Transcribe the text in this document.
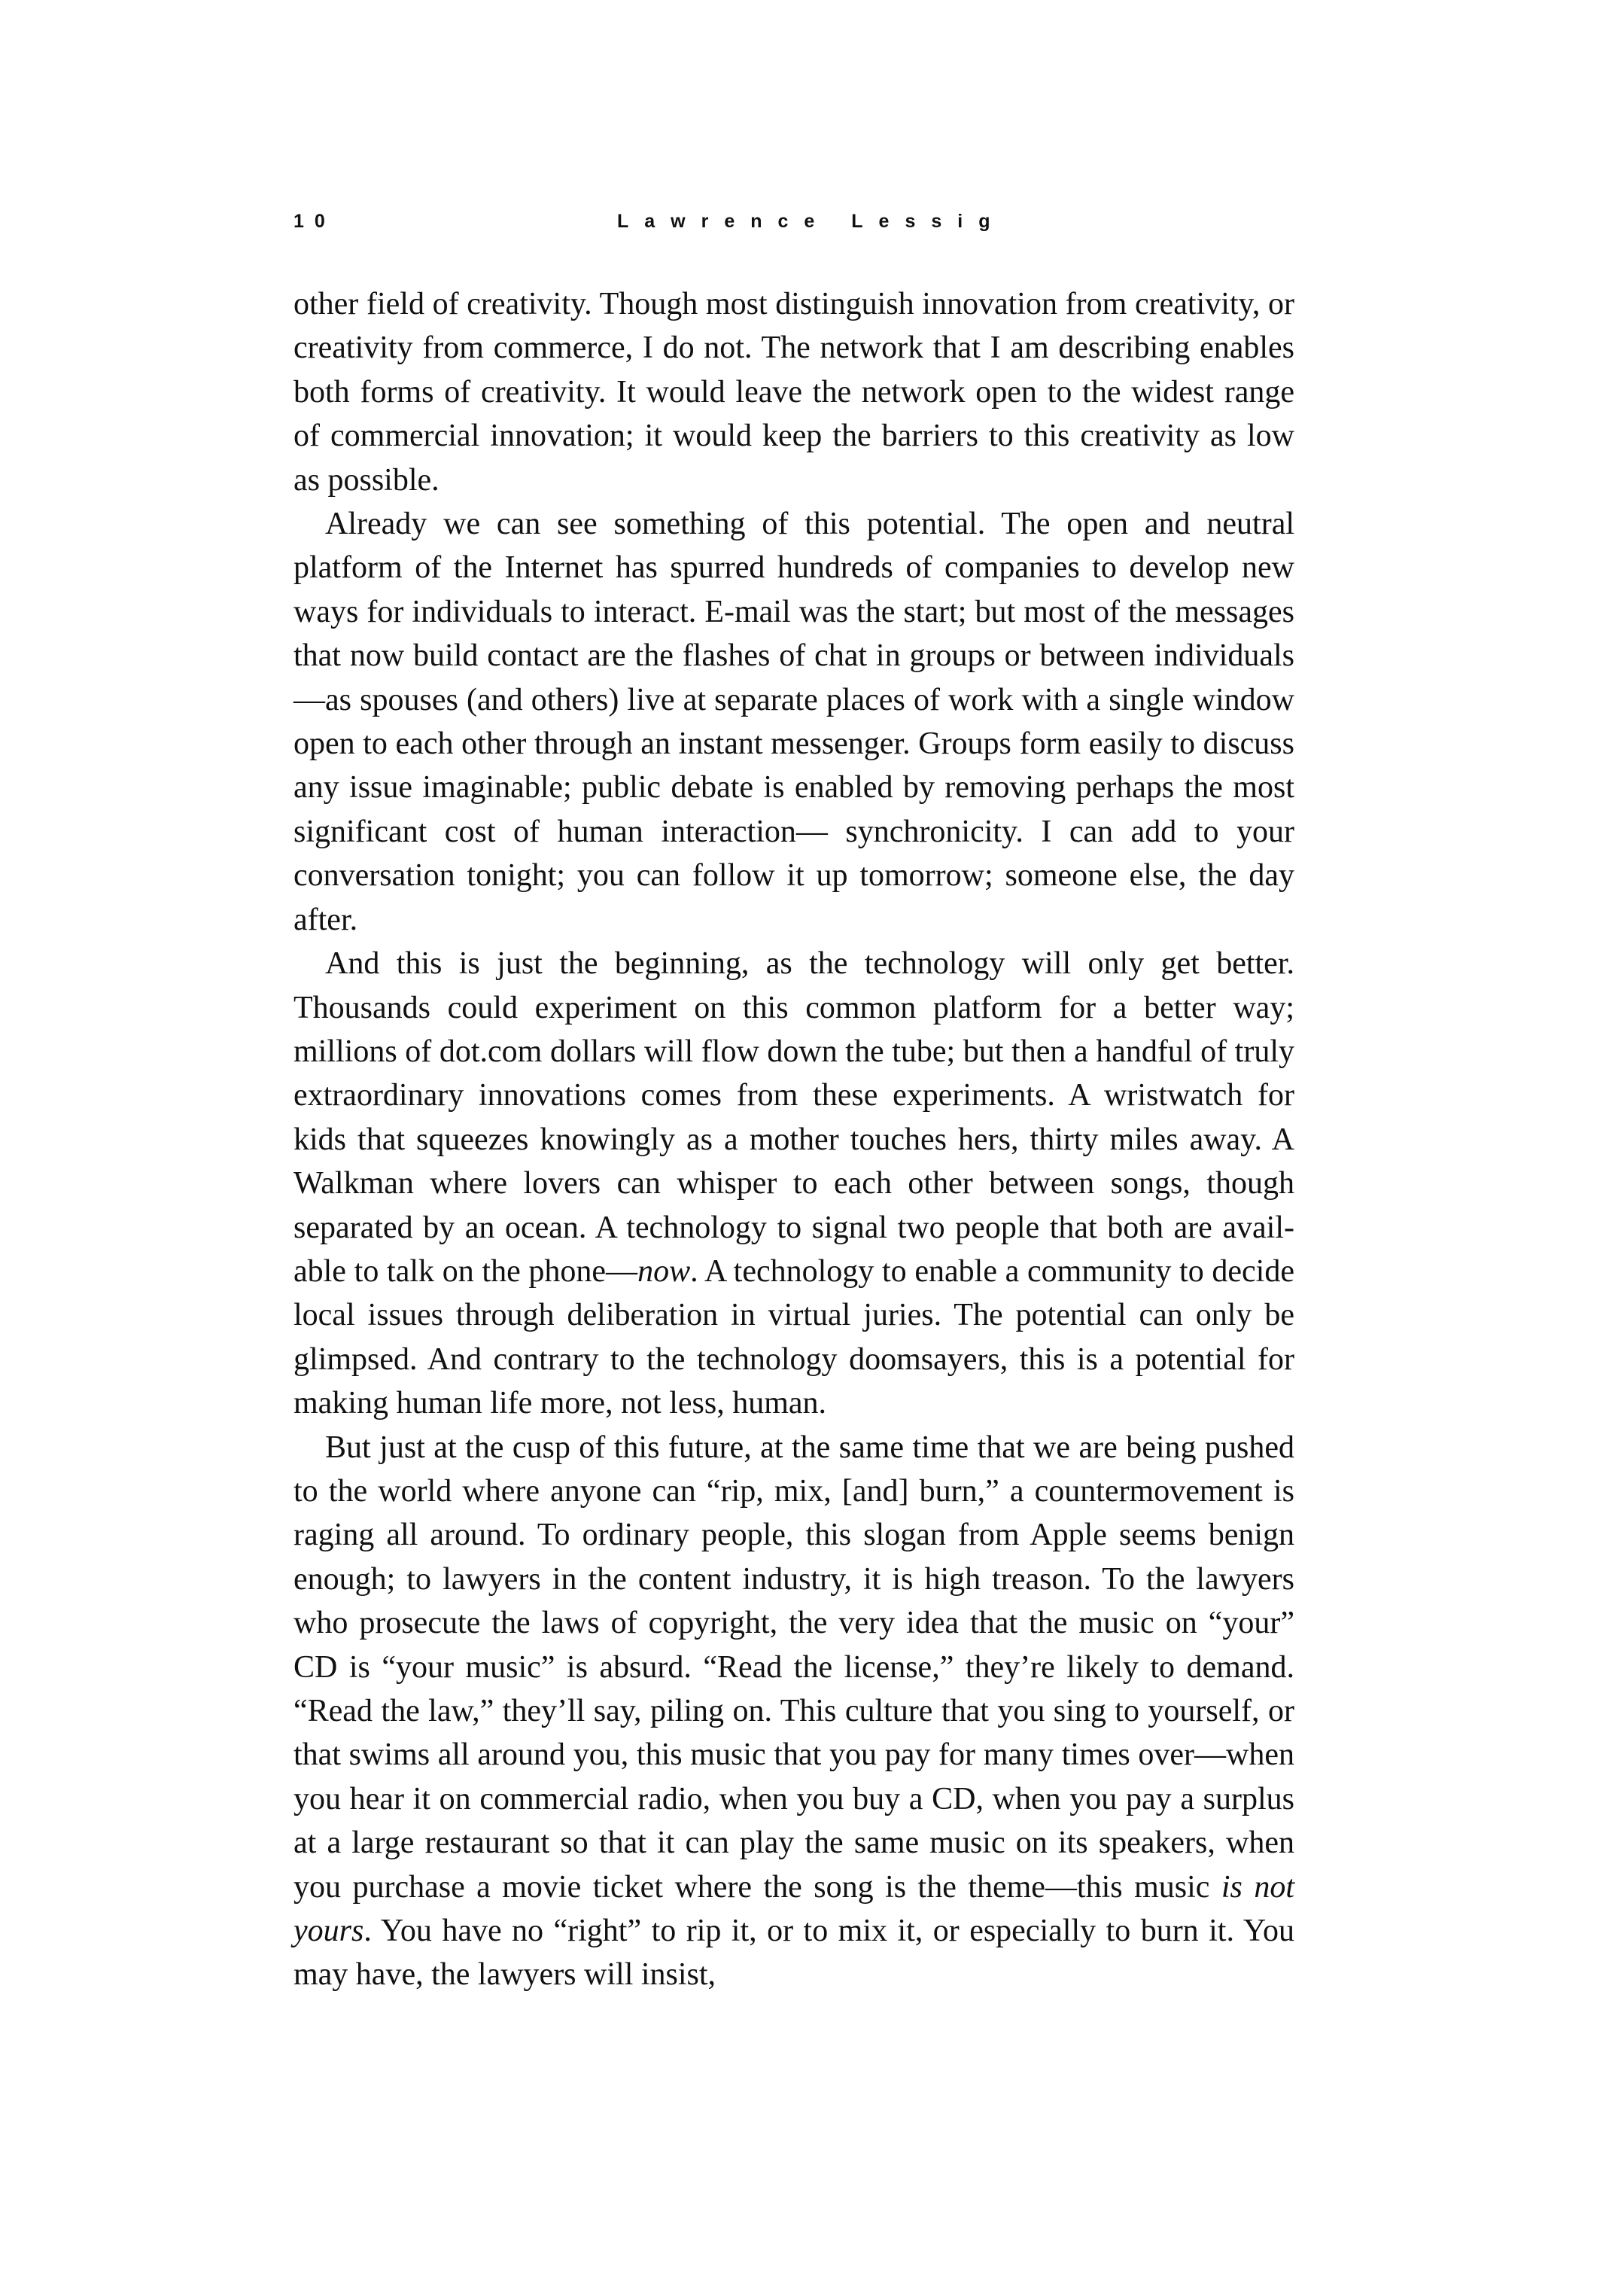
10	Lawrence Lessig

other field of creativity. Though most distinguish innovation from creativity, or creativity from commerce, I do not. The network that I am describing enables both forms of creativity. It would leave the network open to the widest range of commercial innovation; it would keep the barriers to this creativity as low as possible.

Already we can see something of this potential. The open and neutral platform of the Internet has spurred hundreds of companies to develop new ways for individuals to interact. E-mail was the start; but most of the messages that now build contact are the flashes of chat in groups or between individuals—as spouses (and others) live at separate places of work with a single window open to each other through an instant messenger. Groups form easily to discuss any issue imaginable; public debate is enabled by removing perhaps the most significant cost of human interaction— synchronicity. I can add to your conversation tonight; you can follow it up tomorrow; someone else, the day after.

And this is just the beginning, as the technology will only get better. Thousands could experiment on this common platform for a better way; millions of dot.com dollars will flow down the tube; but then a handful of truly extraordinary innovations comes from these experiments. A wristwatch for kids that squeezes knowingly as a mother touches hers, thirty miles away. A Walkman where lovers can whisper to each other between songs, though separated by an ocean. A technology to signal two people that both are available to talk on the phone—now. A technology to enable a community to decide local issues through deliberation in virtual juries. The potential can only be glimpsed. And contrary to the technology doomsayers, this is a potential for making human life more, not less, human.

But just at the cusp of this future, at the same time that we are being pushed to the world where anyone can “rip, mix, [and] burn,” a countermovement is raging all around. To ordinary people, this slogan from Apple seems benign enough; to lawyers in the content industry, it is high treason. To the lawyers who prosecute the laws of copyright, the very idea that the music on “your” CD is “your music” is absurd. “Read the license,” they’re likely to demand. “Read the law,” they’ll say, piling on. This culture that you sing to yourself, or that swims all around you, this music that you pay for many times over—when you hear it on commercial radio, when you buy a CD, when you pay a surplus at a large restaurant so that it can play the same music on its speakers, when you purchase a movie ticket where the song is the theme—this music is not yours. You have no “right” to rip it, or to mix it, or especially to burn it. You may have, the lawyers will insist,
